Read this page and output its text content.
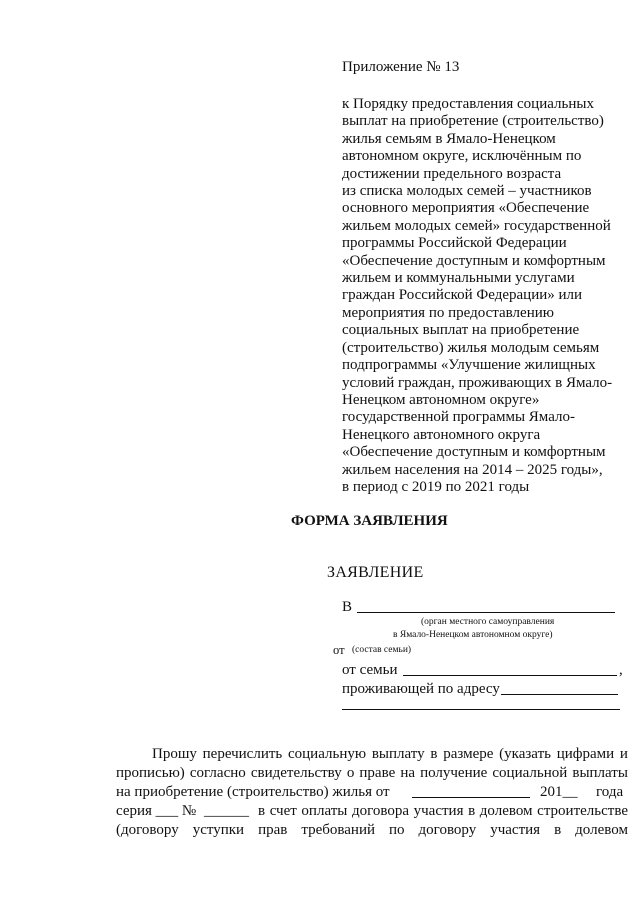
Приложение № 13

к Порядку предоставления социальных
выплат на приобретение (строительство)
жилья семьям в Ямало-Ненецком
автономном округе, исключённым по
достижении предельного возраста
из списка молодых семей – участников
основного мероприятия «Обеспечение
жильем молодых семей» государственной
программы Российской Федерации
«Обеспечение доступным и комфортным
жильем и коммунальными услугами
граждан Российской Федерации» или
мероприятия по предоставлению
социальных выплат на приобретение
(строительство) жилья молодым семьям
подпрограммы «Улучшение жилищных
условий граждан, проживающих в Ямало-
Ненецком автономном округе»
государственной программы Ямало-
Ненецкого автономного округа
«Обеспечение доступным и комфортным
жильем населения на 2014 – 2025 годы»,
в период с 2019 по 2021 годы

ФОРМА ЗАЯВЛЕНИЯ

ЗАЯВЛЕНИЕ
В
(орган местного самоуправления
в Ямало-Ненецком автономном округе)
от (состав семьи)
от семьи	,
проживающей по адресу
Прошу перечислить социальную выплату в размере (указать цифрами и
прописью) согласно свидетельству о праве на получение социальной выплаты
на приобретение (строительство) жилья от	201__ года
серия ___ № ______ в счет оплаты договора участия в долевом строительстве
(договору уступки прав требований по договору участия в долевом
